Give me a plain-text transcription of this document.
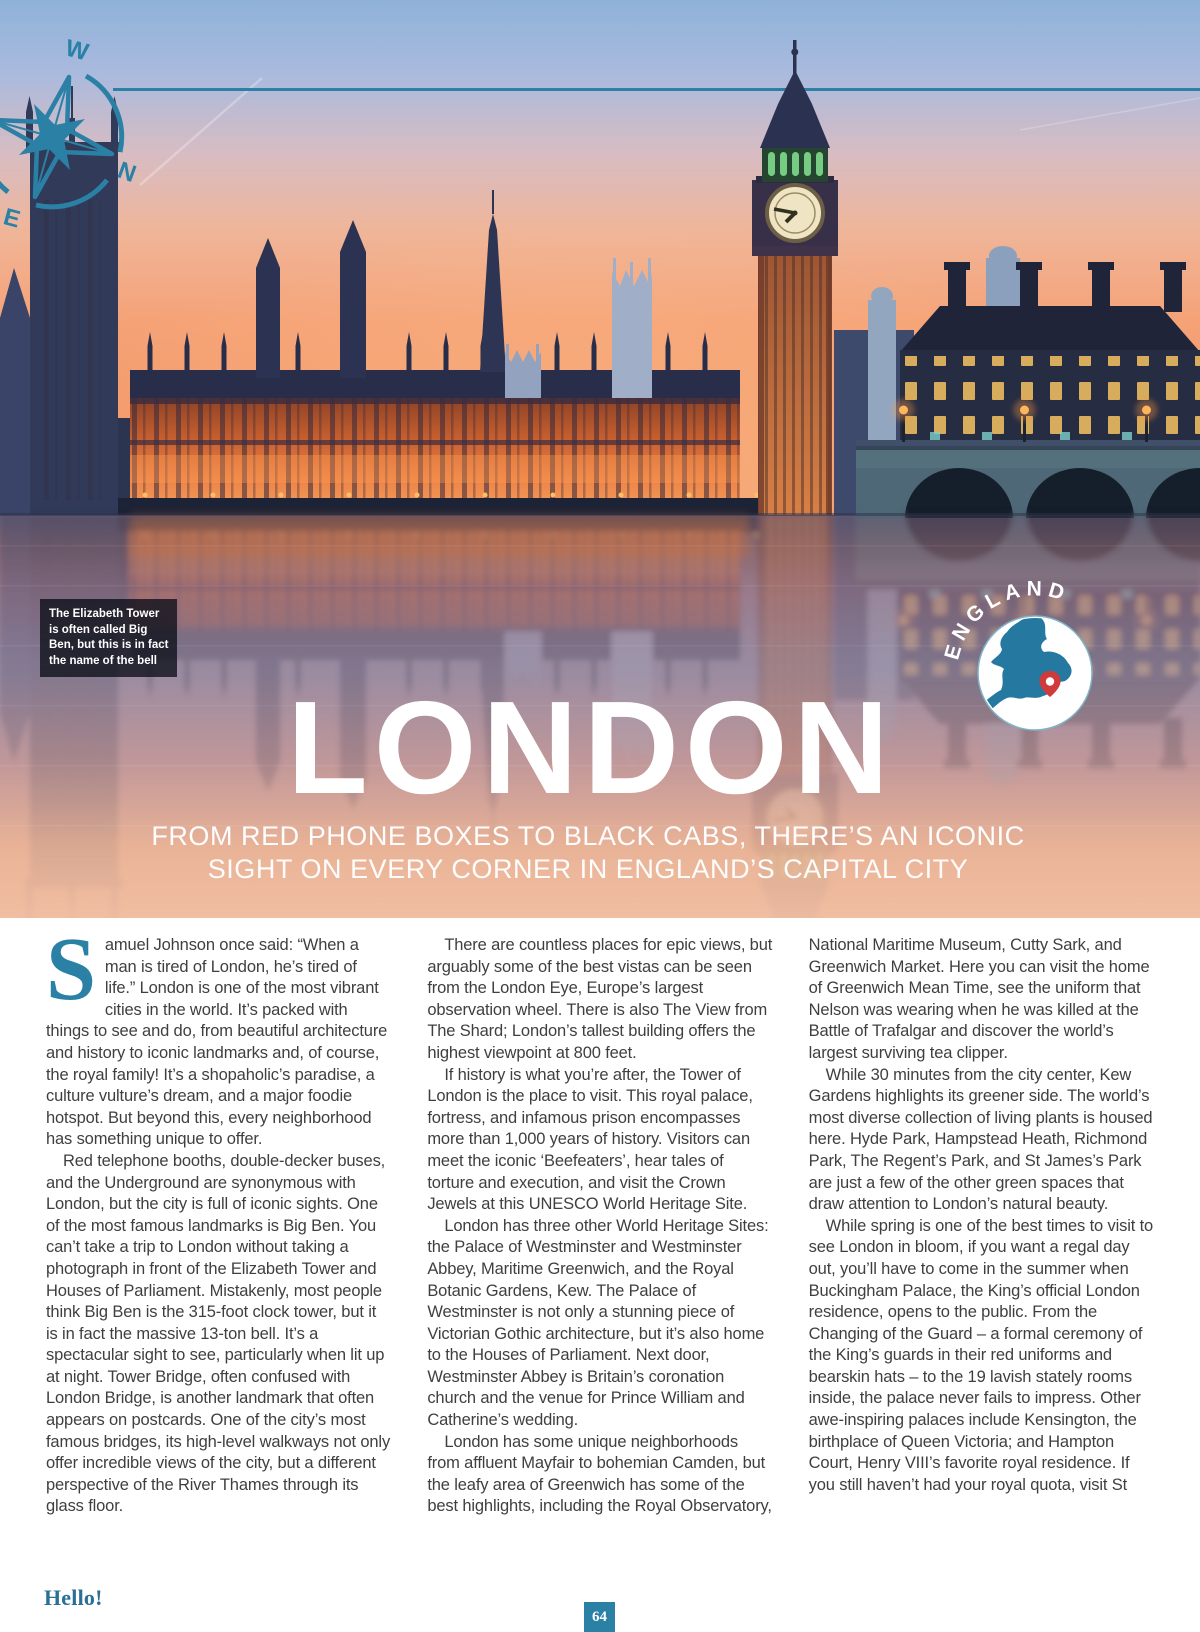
W
N
E
The Elizabeth Tower
is often called Big
Ben, but this is in fact
the name of the bell	ENGLAND
LONDON
FROM RED PHONE BOXES TO BLACK CABS, THERE’S AN ICONIC
SIGHT ON EVERY CORNER IN ENGLAND’S CAPITAL CITY

Samuel Johnson once said: “When a man is tired of London, he’s tired of life.” London is one of the most vibrant cities in the world. It’s packed with things to see and do, from beautiful architecture and history to iconic landmarks and, of course, the royal family! It’s a shopaholic’s paradise, a culture vulture’s dream, and a major foodie hotspot. But beyond this, every neighborhood has something unique to offer.

Red telephone booths, double-decker buses, and the Underground are synonymous with London, but the city is full of iconic sights. One of the most famous landmarks is Big Ben. You can’t take a trip to London without taking a photograph in front of the Elizabeth Tower and Houses of Parliament. Mistakenly, most people think Big Ben is the 315-foot clock tower, but it is in fact the massive 13-ton bell. It’s a spectacular sight to see, particularly when lit up at night. Tower Bridge, often confused with London Bridge, is another landmark that often appears on postcards. One of the city’s most famous bridges, its high-level walkways not only offer incredible views of the city, but a different perspective of the River Thames through its glass floor.

There are countless places for epic views, but arguably some of the best vistas can be seen from the London Eye, Europe’s largest observation wheel. There is also The View from The Shard; London’s tallest building offers the highest viewpoint at 800 feet.

If history is what you’re after, the Tower of London is the place to visit. This royal palace, fortress, and infamous prison encompasses more than 1,000 years of history. Visitors can meet the iconic ‘Beefeaters’, hear tales of torture and execution, and visit the Crown Jewels at this UNESCO World Heritage Site.

London has three other World Heritage Sites: the Palace of Westminster and Westminster Abbey, Maritime Greenwich, and the Royal Botanic Gardens, Kew. The Palace of Westminster is not only a stunning piece of Victorian Gothic architecture, but it’s also home to the Houses of Parliament. Next door, Westminster Abbey is Britain’s coronation church and the venue for Prince William and Catherine’s wedding.

London has some unique neighborhoods from affluent Mayfair to bohemian Camden, but the leafy area of Greenwich has some of the best highlights, including the Royal Observatory,

National Maritime Museum, Cutty Sark, and Greenwich Market. Here you can visit the home of Greenwich Mean Time, see the uniform that Nelson was wearing when he was killed at the Battle of Trafalgar and discover the world’s largest surviving tea clipper.

While 30 minutes from the city center, Kew Gardens highlights its greener side. The world’s most diverse collection of living plants is housed here. Hyde Park, Hampstead Heath, Richmond Park, The Regent’s Park, and St James’s Park are just a few of the other green spaces that draw attention to London’s natural beauty.

While spring is one of the best times to visit to see London in bloom, if you want a regal day out, you’ll have to come in the summer when Buckingham Palace, the King’s official London residence, opens to the public. From the Changing of the Guard – a formal ceremony of the King’s guards in their red uniforms and bearskin hats – to the 19 lavish stately rooms inside, the palace never fails to impress. Other awe-inspiring palaces include Kensington, the birthplace of Queen Victoria; and Hampton Court, Henry VIII’s favorite royal residence. If you still haven’t had your royal quota, visit St

Hello!
64
